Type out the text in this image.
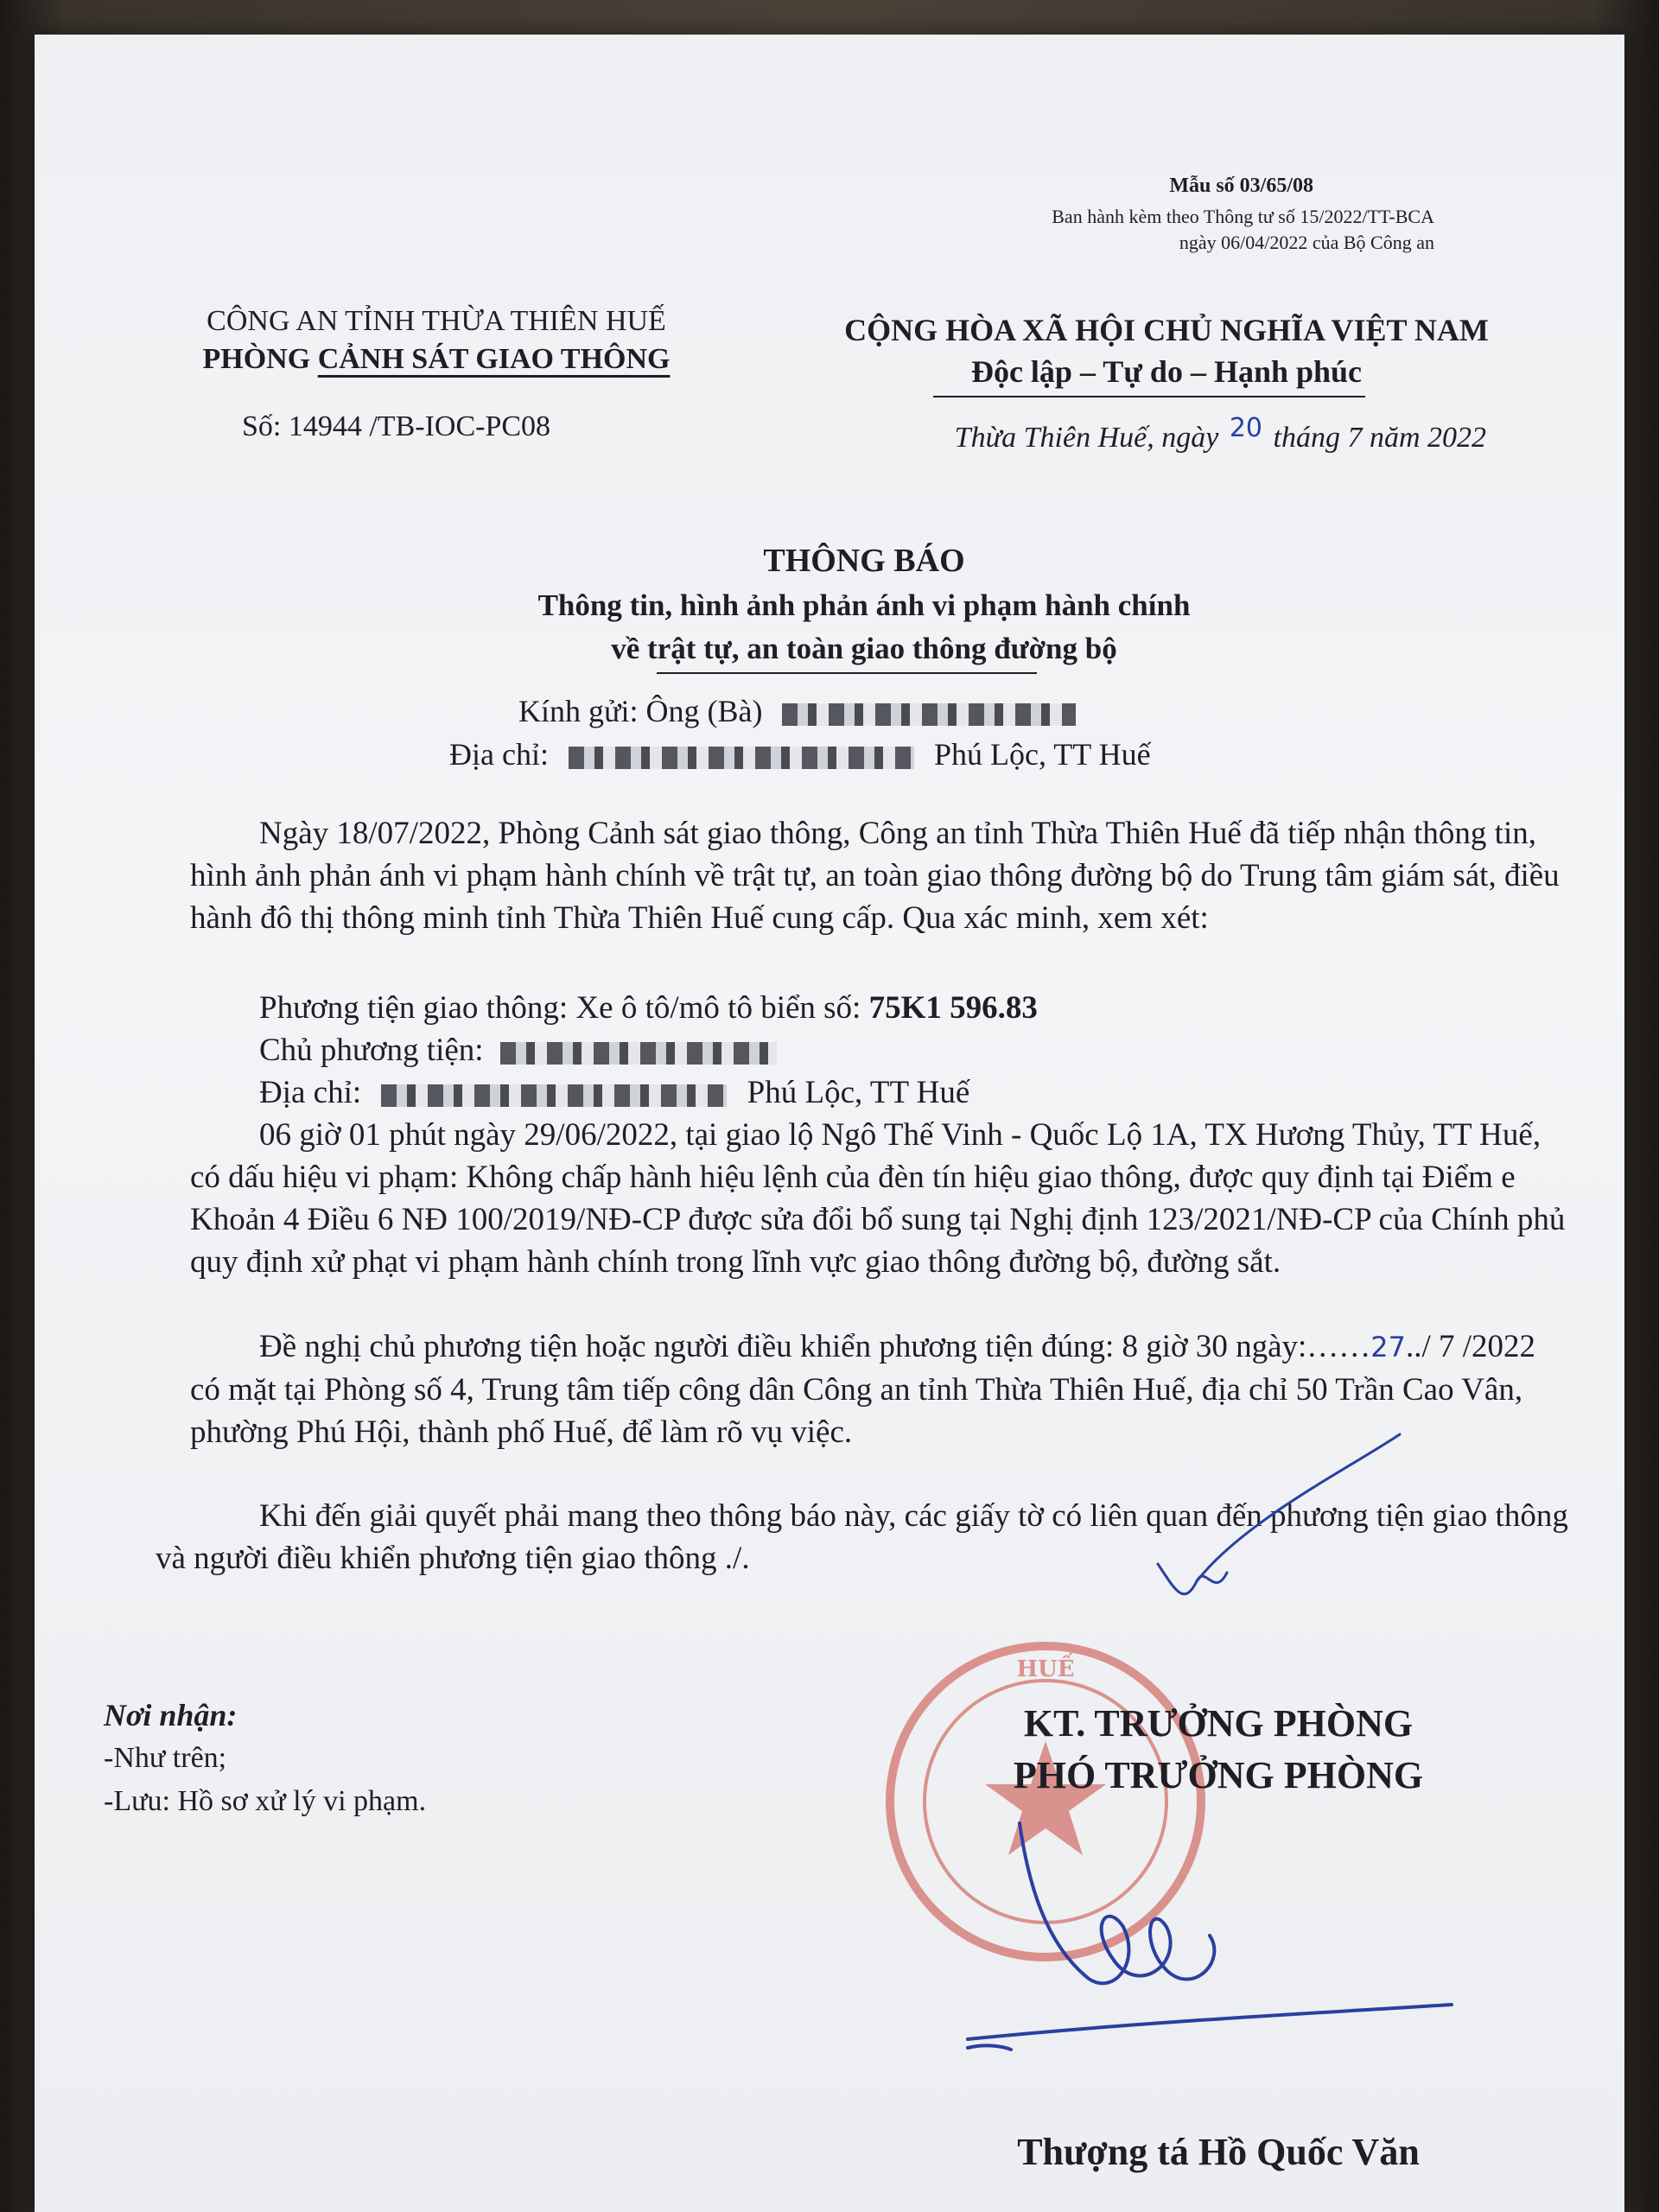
Mẫu số 03/65/08
Ban hành kèm theo Thông tư số 15/2022/TT-BCA
ngày 06/04/2022 của Bộ Công an
CÔNG AN TỈNH THỪA THIÊN HUẾ
PHÒNG CẢNH SÁT GIAO THÔNG
Số: 14944 /TB-IOC-PC08
CỘNG HÒA XÃ HỘI CHỦ NGHĨA VIỆT NAM
Độc lập – Tự do – Hạnh phúc
Thừa Thiên Huế, ngày 20 tháng 7 năm 2022
THÔNG BÁO
Thông tin, hình ảnh phản ánh vi phạm hành chính
về trật tự, an toàn giao thông đường bộ
Kính gửi: Ông (Bà)
Địa chỉ:	Phú Lộc, TT Huế
Ngày 18/07/2022, Phòng Cảnh sát giao thông, Công an tỉnh Thừa Thiên Huế đã tiếp nhận thông tin, hình ảnh phản ánh vi phạm hành chính về trật tự, an toàn giao thông đường bộ do Trung tâm giám sát, điều hành đô thị thông minh tỉnh Thừa Thiên Huế cung cấp. Qua xác minh, xem xét:
Phương tiện giao thông: Xe ô tô/mô tô biển số: 75K1 596.83
Chủ phương tiện:
Địa chỉ:	Phú Lộc, TT Huế
06 giờ 01 phút ngày 29/06/2022, tại giao lộ Ngô Thế Vinh - Quốc Lộ 1A, TX Hương Thủy, TT Huế, có dấu hiệu vi phạm: Không chấp hành hiệu lệnh của đèn tín hiệu giao thông, được quy định tại Điểm e Khoản 4 Điều 6 NĐ 100/2019/NĐ-CP được sửa đổi bổ sung tại Nghị định 123/2021/NĐ-CP của Chính phủ quy định xử phạt vi phạm hành chính trong lĩnh vực giao thông đường bộ, đường sắt.
Đề nghị chủ phương tiện hoặc người điều khiển phương tiện đúng: 8 giờ 30 ngày:……27../ 7 /2022 có mặt tại Phòng số 4, Trung tâm tiếp công dân Công an tỉnh Thừa Thiên Huế, địa chỉ 50 Trần Cao Vân, phường Phú Hội, thành phố Huế, để làm rõ vụ việc.
Khi đến giải quyết phải mang theo thông báo này, các giấy tờ có liên quan đến phương tiện giao thông và người điều khiển phương tiện giao thông ./.
Nơi nhận:
-Như trên;
-Lưu: Hồ sơ xử lý vi phạm.
HUẾ
KT. TRƯỞNG PHÒNG
PHÓ TRƯỞNG PHÒNG
Thượng tá Hồ Quốc Văn
